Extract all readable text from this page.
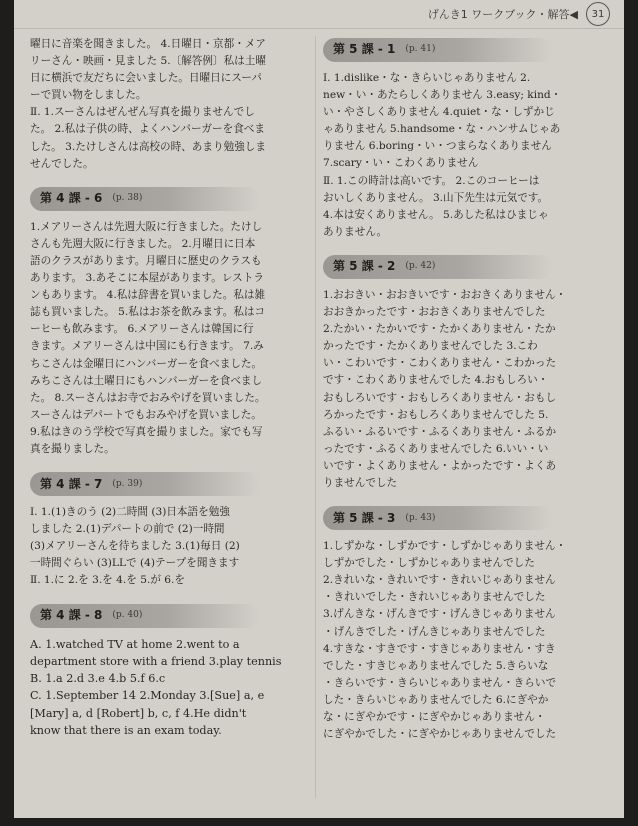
げんき1 ワークブック・解答◀	31
曜日に音楽を聞きました。 4.日曜日・京都・メア
リーさん・映画・見ました 5.〔解答例〕私は土曜
日に横浜で友だちに会いました。日曜日にスーパ
ーで買い物をしました。
Ⅱ. 1.スーさんはぜんぜん写真を撮りませんでし
た。 2.私は子供の時、よくハンバーガーを食べま
した。 3.たけしさんは高校の時、あまり勉強しま
せんでした。
第 4 課 - 6 (p. 38)
1.メアリーさんは先週大阪に行きました。たけし
さんも先週大阪に行きました。 2.月曜日に日本
語のクラスがあります。月曜日に歴史のクラスも
あります。 3.あそこに本屋があります。レストラ
ンもあります。 4.私は辞書を買いました。私は雑
誌も買いました。 5.私はお茶を飲みます。私はコ
ーヒーも飲みます。 6.メアリーさんは韓国に行
きます。メアリーさんは中国にも行きます。 7.み
ちこさんは金曜日にハンバーガーを食べました。
みちこさんは土曜日にもハンバーガーを食べまし
た。 8.スーさんはお寺でおみやげを買いました。
スーさんはデパートでもおみやげを買いました。
9.私はきのう学校で写真を撮りました。家でも写
真を撮りました。
第 4 課 - 7 (p. 39)
Ⅰ. 1.(1)きのう (2)二時間 (3)日本語を勉強
しました 2.(1)デパートの前で (2)一時間
(3)メアリーさんを待ちました 3.(1)毎日 (2)
一時間ぐらい (3)LLで (4)テープを聞きます
Ⅱ. 1.に 2.を 3.を 4.を 5.が 6.を
第 4 課 - 8 (p. 40)
A. 1.watched TV at home 2.went to a
department store with a friend 3.play tennis
B. 1.a 2.d 3.e 4.b 5.f 6.c
C. 1.September 14 2.Monday 3.[Sue] a, e
[Mary] a, d [Robert] b, c, f 4.He didn't
know that there is an exam today.
第 5 課 - 1 (p. 41)
Ⅰ. 1.dislike・な・きらいじゃありません 2.
new・い・あたらしくありません 3.easy; kind・
い・やさしくありません 4.quiet・な・しずかじ
ゃありません 5.handsome・な・ハンサムじゃあ
りません 6.boring・い・つまらなくありません
7.scary・い・こわくありません
Ⅱ. 1.この時計は高いです。 2.このコーヒーは
おいしくありません。 3.山下先生は元気です。
4.本は安くありません。 5.あした私はひまじゃ
ありません。
第 5 課 - 2 (p. 42)
1.おおきい・おおきいです・おおきくありません・
おおきかったです・おおきくありませんでした
2.たかい・たかいです・たかくありません・たか
かったです・たかくありませんでした 3.こわ
い・こわいです・こわくありません・こわかった
です・こわくありませんでした 4.おもしろい・
おもしろいです・おもしろくありません・おもし
ろかったです・おもしろくありませんでした 5.
ふるい・ふるいです・ふるくありません・ふるか
ったです・ふるくありませんでした 6.いい・い
いです・よくありません・よかったです・よくあ
りませんでした
第 5 課 - 3 (p. 43)
1.しずかな・しずかです・しずかじゃありません・
しずかでした・しずかじゃありませんでした
2.きれいな・きれいです・きれいじゃありません
・きれいでした・きれいじゃありませんでした
3.げんきな・げんきです・げんきじゃありません
・げんきでした・げんきじゃありませんでした
4.すきな・すきです・すきじゃありません・すき
でした・すきじゃありませんでした 5.きらいな
・きらいです・きらいじゃありません・きらいで
した・きらいじゃありませんでした 6.にぎやか
な・にぎやかです・にぎやかじゃありません・
にぎやかでした・にぎやかじゃありませんでした
